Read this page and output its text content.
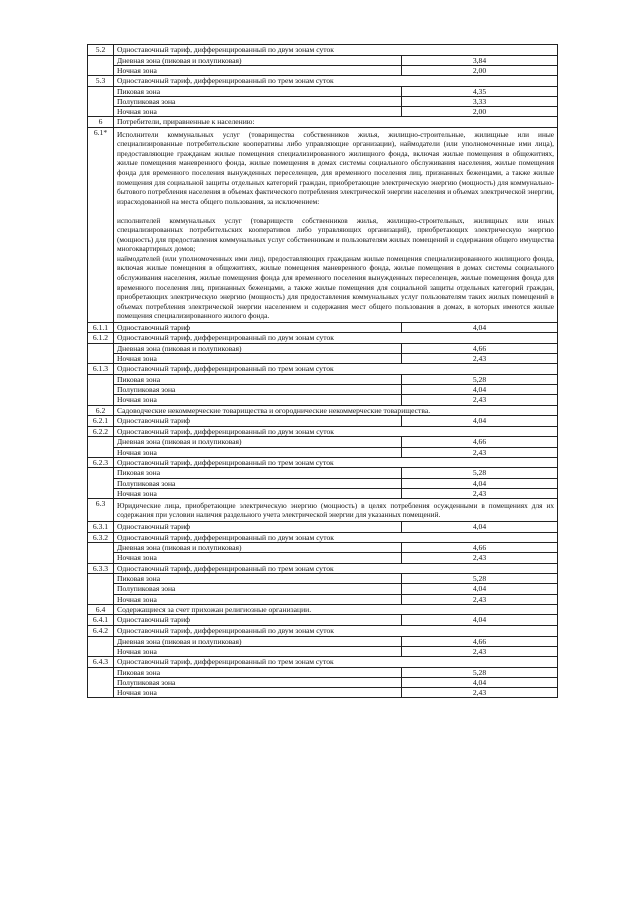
5.2	Одноставочный тариф, дифференцированный по двум зонам суток	
	Дневная зона (пиковая и полупиковая)	3,84
	Ночная зона	2,00
5.3	Одноставочный тариф, дифференцированный по трем зонам суток	
	Пиковая зона	4,35
	Полупиковая зона	3,33
	Ночная зона	2,00
6	Потребители, приравненные к населению:	
6.1*	Исполнители коммунальных услуг (товарищества собственников жилья, жилищно-строительные, жилищные или иные специализированные потребительские кооперативы либо управляющие организации), наймодатели (или уполномоченные ими лица), предоставляющие гражданам жилые помещения специализированного жилищного фонда, включая жилые помещения в общежитиях, жилые помещения маневренного фонда, жилые помещения в домах системы социального обслуживания населения, жилые помещения фонда для временного поселения вынужденных переселенцев, для временного поселения лиц, признанных беженцами, а также жилые помещения для социальной защиты отдельных категорий граждан, приобретающие электрическую энергию (мощность) для коммунально-бытового потребления населения в объемах фактического потребления электрической энергии населения и объемах электрической энергии, израсходованной на места общего пользования, за исключением:

исполнителей коммунальных услуг (товариществ собственников жилья, жилищно-строительных, жилищных или иных специализированных потребительских кооперативов либо управляющих организаций), приобретающих электрическую энергию (мощность) для предоставления коммунальных услуг собственникам и пользователям жилых помещений и содержания общего имущества многоквартирных домов;
наймодателей (или уполномоченных ими лиц), предоставляющих гражданам жилые помещения специализированного жилищного фонда, включая жилые помещения в общежитиях, жилые помещения маневренного фонда, жилые помещения в домах системы социального обслуживания населения, жилые помещения фонда для временного поселения вынужденных переселенцев, жилые помещения фонда для временного поселения лиц, признанных беженцами, а также жилые помещения для социальной защиты отдельных категорий граждан, приобретающих электрическую энергию (мощность) для предоставления коммунальных услуг пользователям таких жилых помещений в объемах потребления электрической энергии населением и содержания мест общего пользования в домах, в которых имеются жилые помещения специализированного жилого фонда.	
6.1.1	Одноставочный тариф	4,04
6.1.2	Одноставочный тариф, дифференцированный по двум зонам суток	
	Дневная зона (пиковая и полупиковая)	4,66
	Ночная зона	2,43
6.1.3	Одноставочный тариф, дифференцированный по трем зонам суток	
	Пиковая зона	5,28
	Полупиковая зона	4,04
	Ночная зона	2,43
6.2	Садоводческие некоммерческие товарищества и огороднические некоммерческие товарищества.	
6.2.1	Одноставочный тариф	4,04
6.2.2	Одноставочный тариф, дифференцированный по двум зонам суток	
	Дневная зона (пиковая и полупиковая)	4,66
	Ночная зона	2,43
6.2.3	Одноставочный тариф, дифференцированный по трем зонам суток	
	Пиковая зона	5,28
	Полупиковая зона	4,04
	Ночная зона	2,43
6.3	Юридические лица, приобретающие электрическую энергию (мощность) в целях потребления осужденными в помещениях для их содержания при условии наличия раздельного учета электрической энергии для указанных помещений.	
6.3.1	Одноставочный тариф	4,04
6.3.2	Одноставочный тариф, дифференцированный по двум зонам суток	
	Дневная зона (пиковая и полупиковая)	4,66
	Ночная зона	2,43
6.3.3	Одноставочный тариф, дифференцированный по трем зонам суток	
	Пиковая зона	5,28
	Полупиковая зона	4,04
	Ночная зона	2,43
6.4	Содержащиеся за счет прихожан религиозные организации.	
6.4.1	Одноставочный тариф	4,04
6.4.2	Одноставочный тариф, дифференцированный по двум зонам суток	
	Дневная зона (пиковая и полупиковая)	4,66
	Ночная зона	2,43
6.4.3	Одноставочный тариф, дифференцированный по трем зонам суток	
	Пиковая зона	5,28
	Полупиковая зона	4,04
	Ночная зона	2,43
